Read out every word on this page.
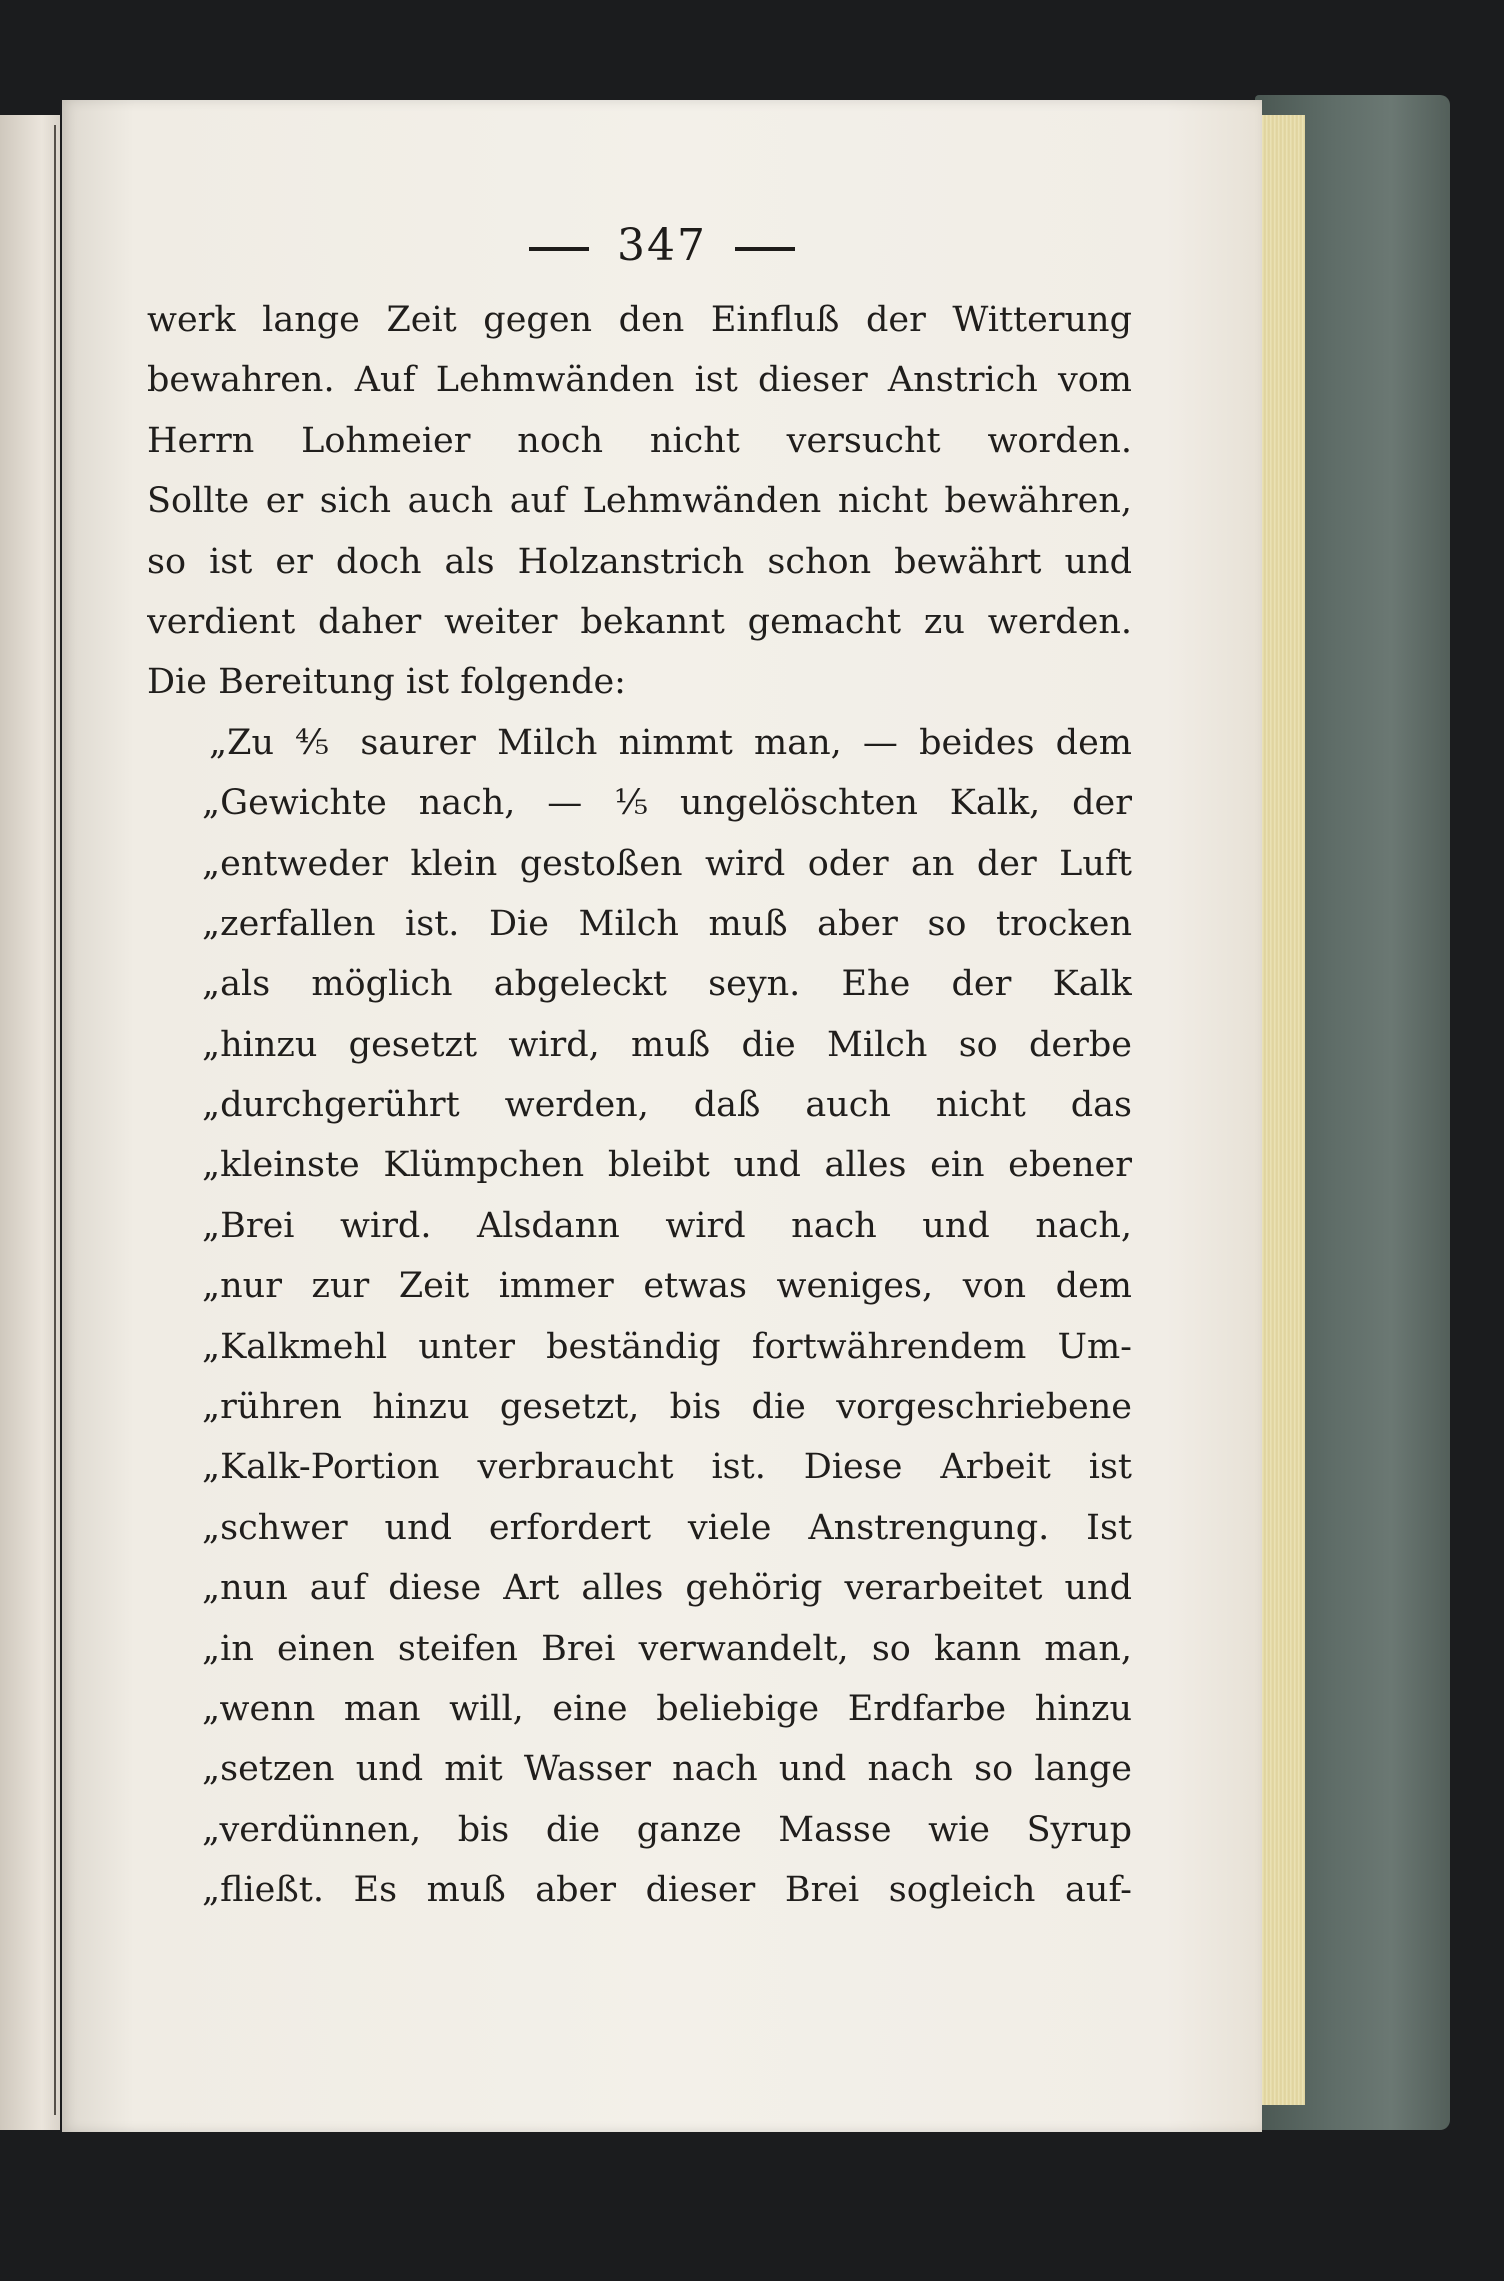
347
werk lange Zeit gegen den Einfluß der Witterung
bewahren. Auf Lehmwänden ist dieser Anstrich vom
Herrn Lohmeier noch nicht versucht worden.
Sollte er sich auch auf Lehmwänden nicht bewähren,
so ist er doch als Holzanstrich schon bewährt und
verdient daher weiter bekannt gemacht zu werden.
Die Bereitung ist folgende:
„Zu ⅘ saurer Milch nimmt man, — beides dem
„Gewichte nach, — ⅕ ungelöschten Kalk, der
„entweder klein gestoßen wird oder an der Luft
„zerfallen ist. Die Milch muß aber so trocken
„als möglich abgeleckt seyn. Ehe der Kalk
„hinzu gesetzt wird, muß die Milch so derbe
„durchgerührt werden, daß auch nicht das
„kleinste Klümpchen bleibt und alles ein ebener
„Brei wird. Alsdann wird nach und nach,
„nur zur Zeit immer etwas weniges, von dem
„Kalkmehl unter beständig fortwährendem Um-
„rühren hinzu gesetzt, bis die vorgeschriebene
„Kalk-Portion verbraucht ist. Diese Arbeit ist
„schwer und erfordert viele Anstrengung. Ist
„nun auf diese Art alles gehörig verarbeitet und
„in einen steifen Brei verwandelt, so kann man,
„wenn man will, eine beliebige Erdfarbe hinzu
„setzen und mit Wasser nach und nach so lange
„verdünnen, bis die ganze Masse wie Syrup
„fließt. Es muß aber dieser Brei sogleich auf-
